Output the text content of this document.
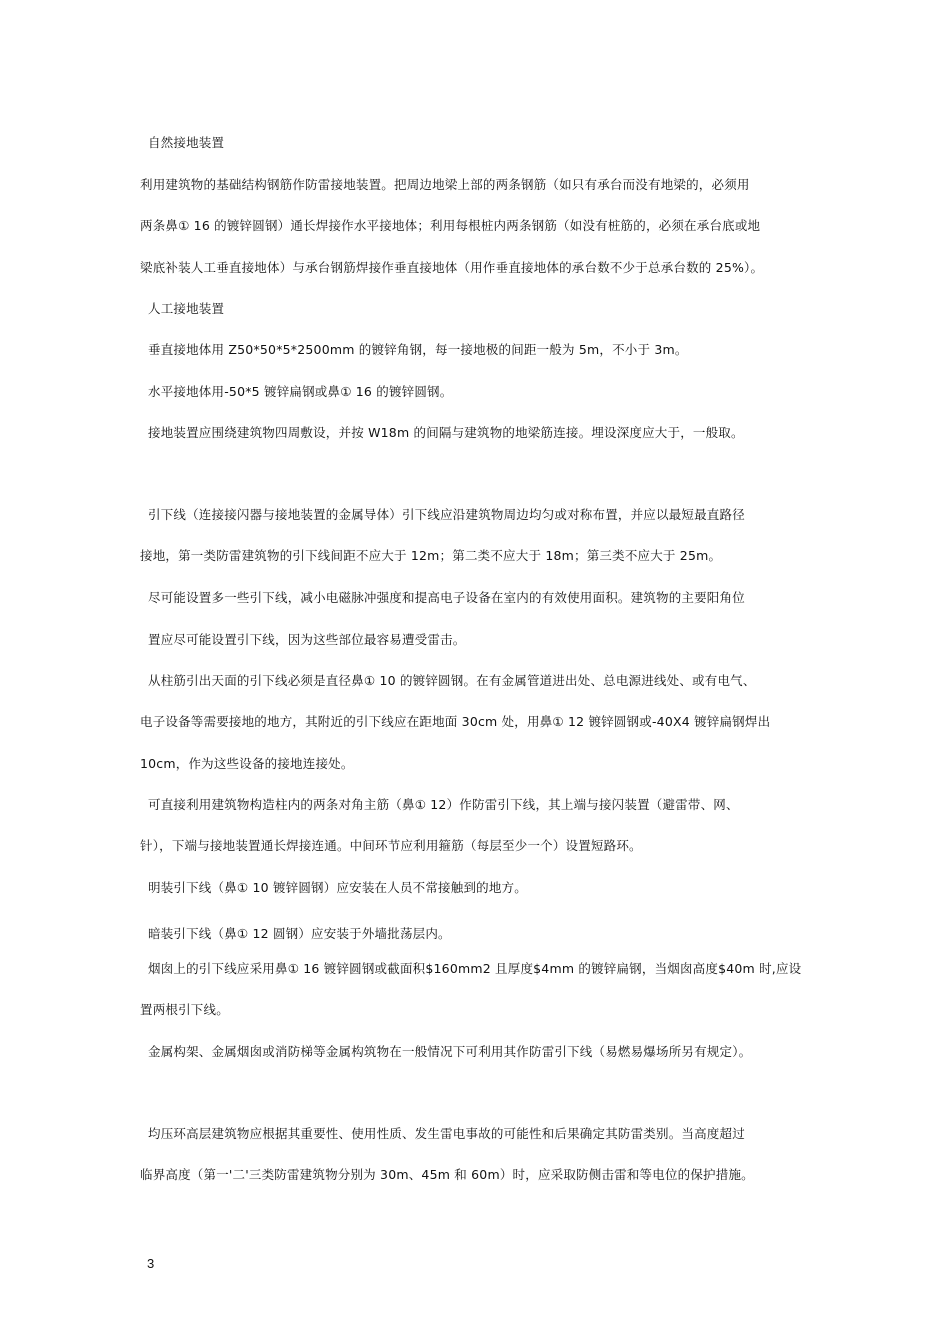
自然接地装置
利用建筑物的基础结构钢筋作防雷接地装置。把周边地梁上部的两条钢筋（如只有承台而没有地梁的，必须用
两条鼻① 16 的镀锌圆钢）通长焊接作水平接地体；利用每根桩内两条钢筋（如没有桩筋的，必须在承台底或地
梁底补装人工垂直接地体）与承台钢筋焊接作垂直接地体（用作垂直接地体的承台数不少于总承台数的 25%）。
人工接地装置
垂直接地体用 Z50*50*5*2500mm 的镀锌角钢，每一接地极的间距一般为 5m，不小于 3m。
水平接地体用-50*5 镀锌扁钢或鼻① 16 的镀锌圆钢。
接地装置应围绕建筑物四周敷设，并按 W18m 的间隔与建筑物的地梁筋连接。埋设深度应大于，一般取。
引下线（连接接闪器与接地装置的金属导体）引下线应沿建筑物周边均匀或对称布置，并应以最短最直路径
接地，第一类防雷建筑物的引下线间距不应大于 12m；第二类不应大于 18m；第三类不应大于 25m。
尽可能设置多一些引下线，减小电磁脉冲强度和提高电子设备在室内的有效使用面积。建筑物的主要阳角位
置应尽可能设置引下线，因为这些部位最容易遭受雷击。
从柱筋引出天面的引下线必须是直径鼻① 10 的镀锌圆钢。在有金属管道进出处、总电源进线处、或有电气、
电子设备等需要接地的地方，其附近的引下线应在距地面 30cm 处，用鼻① 12 镀锌圆钢或-40X4 镀锌扁钢焊出
10cm，作为这些设备的接地连接处。
可直接利用建筑物构造柱内的两条对角主筋（鼻① 12）作防雷引下线，其上端与接闪装置（避雷带、网、
针），下端与接地装置通长焊接连通。中间环节应利用箍筋（每层至少一个）设置短路环。
明装引下线（鼻① 10 镀锌圆钢）应安装在人员不常接触到的地方。
暗装引下线（鼻① 12 圆钢）应安装于外墙批荡层内。
烟囱上的引下线应采用鼻① 16 镀锌圆钢或截面积$160mm2 且厚度$4mm 的镀锌扁钢，当烟囱高度$40m 时,应设
置两根引下线。
金属构架、金属烟囱或消防梯等金属构筑物在一般情况下可利用其作防雷引下线（易燃易爆场所另有规定）。
均压环高层建筑物应根据其重要性、使用性质、发生雷电事故的可能性和后果确定其防雷类别。当高度超过
临界高度（第一'二'三类防雷建筑物分别为 30m、45m 和 60m）时，应采取防侧击雷和等电位的保护措施。
3
